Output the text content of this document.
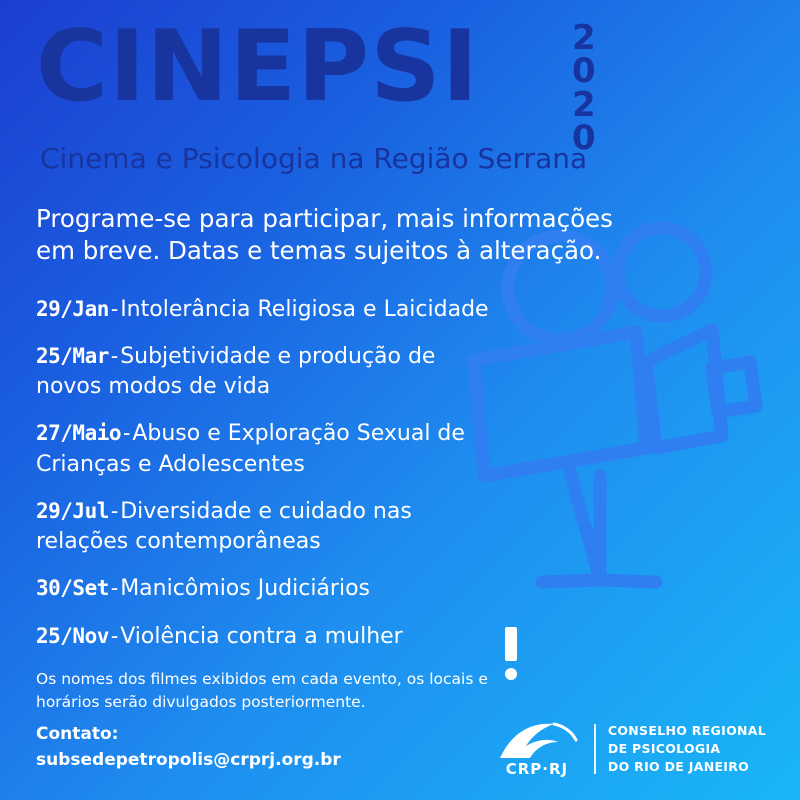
CINEPSI	2
0
2
0
Cinema e Psicologia na Região Serrana
Programe-se para participar, mais informações em breve. Datas e temas sujeitos à alteração.
29/Jan-Intolerância Religiosa e Laicidade
25/Mar-Subjetividade e produção de novos modos de vida
27/Maio-Abuso e Exploração Sexual de Crianças e Adolescentes
29/Jul-Diversidade e cuidado nas relações contemporâneas
30/Set-Manicômios Judiciários
25/Nov-Violência contra a mulher
Os nomes dos filmes exibidos em cada evento, os locais e horários serão divulgados posteriormente.
Contato:
subsedepetropolis@crprj.org.br	CRP·RJ
CONSELHO REGIONAL
DE PSICOLOGIA
DO RIO DE JANEIRO
